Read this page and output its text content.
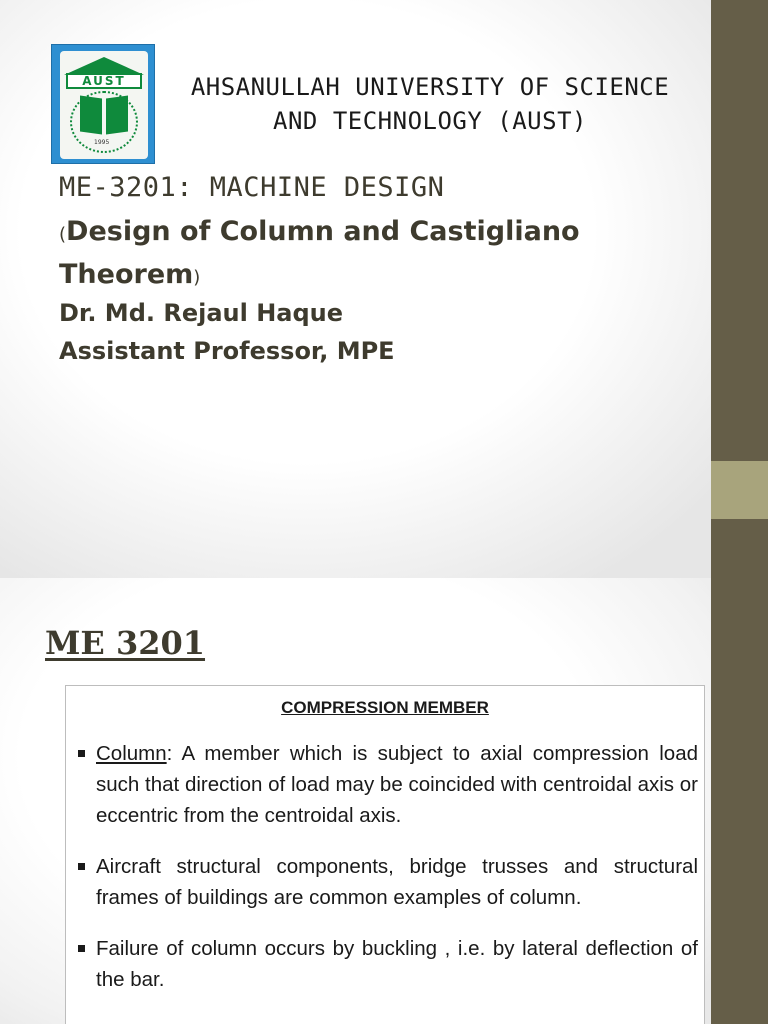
AUST
1995
AHSANULLAH UNIVERSITY OF SCIENCE
AND TECHNOLOGY (AUST)
ME-3201: MACHINE DESIGN
(Design of Column and Castigliano Theorem)
Dr. Md. Rejaul Haque
Assistant Professor, MPE
ME 3201
COMPRESSION MEMBER
Column: A member which is subject to axial compression load such that direction of load may be coincided with centroidal axis or eccentric from the centroidal axis.
Aircraft structural components, bridge trusses and structural frames of buildings are common examples of column.
Failure of column occurs by buckling , i.e. by lateral deflection of the bar.
